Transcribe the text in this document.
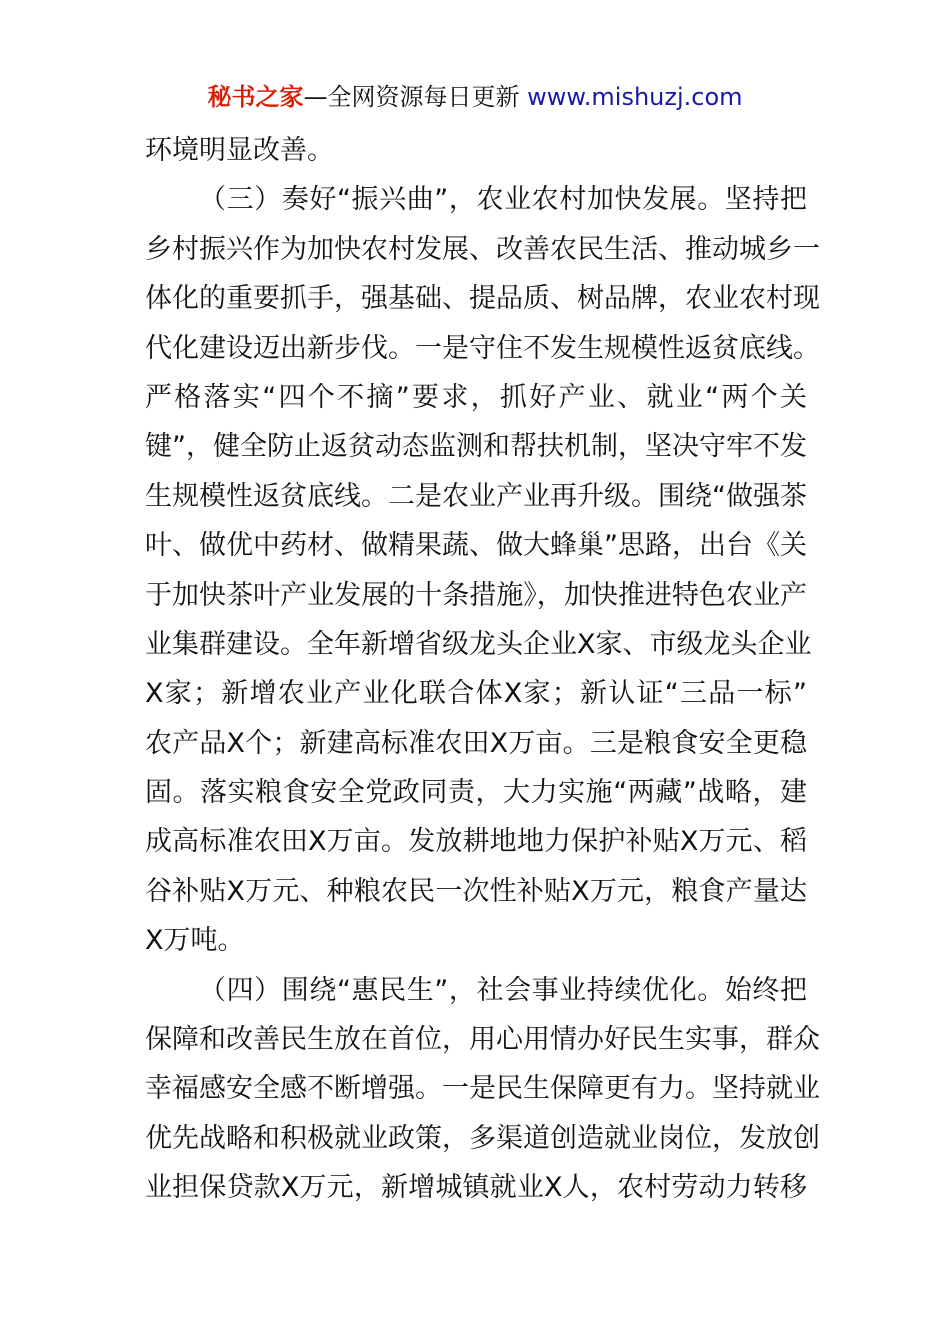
秘书之家—全网资源每日更新 www.mishuzj.com
环境明显改善。
（三）奏好“振兴曲”，农业农村加快发展。坚持把
乡村振兴作为加快农村发展、改善农民生活、推动城乡一
体化的重要抓手，强基础、提品质、树品牌，农业农村现
代化建设迈出新步伐。一是守住不发生规模性返贫底线。
严格落实“四个不摘”要求，抓好产业、就业“两个关
键”，健全防止返贫动态监测和帮扶机制，坚决守牢不发
生规模性返贫底线。二是农业产业再升级。围绕“做强茶
叶、做优中药材、做精果蔬、做大蜂巢”思路，出台《关
于加快茶叶产业发展的十条措施》，加快推进特色农业产
业集群建设。全年新增省级龙头企业X家、市级龙头企业
X家；新增农业产业化联合体X家；新认证“三品一标”
农产品X个；新建高标准农田X万亩。三是粮食安全更稳
固。落实粮食安全党政同责，大力实施“两藏”战略，建
成高标准农田X万亩。发放耕地地力保护补贴X万元、稻
谷补贴X万元、种粮农民一次性补贴X万元，粮食产量达
X万吨。
（四）围绕“惠民生”，社会事业持续优化。始终把
保障和改善民生放在首位，用心用情办好民生实事，群众
幸福感安全感不断增强。一是民生保障更有力。坚持就业
优先战略和积极就业政策，多渠道创造就业岗位，发放创
业担保贷款X万元，新增城镇就业X人，农村劳动力转移
